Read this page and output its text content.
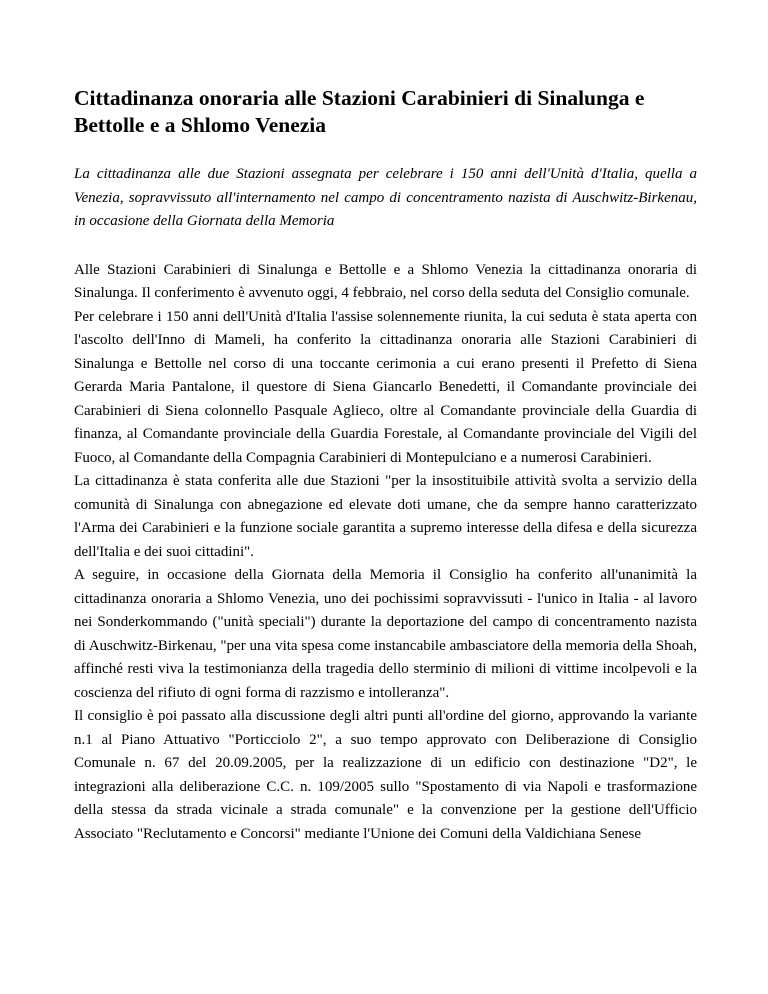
Cittadinanza onoraria alle Stazioni Carabinieri di Sinalunga e Bettolle e a Shlomo Venezia

La cittadinanza alle due Stazioni assegnata per celebrare i 150 anni dell'Unità d'Italia, quella a Venezia, sopravvissuto all'internamento nel campo di concentramento nazista di Auschwitz-Birkenau, in occasione della Giornata della Memoria

Alle Stazioni Carabinieri di Sinalunga e Bettolle e a Shlomo Venezia la cittadinanza onoraria di Sinalunga. Il conferimento è avvenuto oggi, 4 febbraio, nel corso della seduta del Consiglio comunale.

Per celebrare i 150 anni dell'Unità d'Italia l'assise solennemente riunita, la cui seduta è stata aperta con l'ascolto dell'Inno di Mameli, ha conferito la cittadinanza onoraria alle Stazioni Carabinieri di Sinalunga e Bettolle nel corso di una toccante cerimonia a cui erano presenti il Prefetto di Siena Gerarda Maria Pantalone, il questore di Siena Giancarlo Benedetti, il Comandante provinciale dei Carabinieri di Siena colonnello Pasquale Aglieco, oltre al Comandante provinciale della Guardia di finanza, al Comandante provinciale della Guardia Forestale, al Comandante provinciale del Vigili del Fuoco, al Comandante della Compagnia Carabinieri di Montepulciano e a numerosi Carabinieri.

La cittadinanza è stata conferita alle due Stazioni "per la insostituibile attività svolta a servizio della comunità di Sinalunga con abnegazione ed elevate doti umane, che da sempre hanno caratterizzato l'Arma dei Carabinieri e la funzione sociale garantita a supremo interesse della difesa e della sicurezza dell'Italia e dei suoi cittadini".

A seguire, in occasione della Giornata della Memoria il Consiglio ha conferito all'unanimità la cittadinanza onoraria a Shlomo Venezia, uno dei pochissimi sopravvissuti - l'unico in Italia - al lavoro nei Sonderkommando ("unità speciali") durante la deportazione del campo di concentramento nazista di Auschwitz-Birkenau, "per una vita spesa come instancabile ambasciatore della memoria della Shoah, affinché resti viva la testimonianza della tragedia dello sterminio di milioni di vittime incolpevoli e la coscienza del rifiuto di ogni forma di razzismo e intolleranza".

Il consiglio è poi passato alla discussione degli altri punti all'ordine del giorno, approvando la variante n.1 al Piano Attuativo "Porticciolo 2", a suo tempo approvato con Deliberazione di Consiglio Comunale n. 67 del 20.09.2005, per la realizzazione di un edificio con destinazione "D2", le integrazioni alla deliberazione C.C. n. 109/2005 sullo "Spostamento di via Napoli e trasformazione della stessa da strada vicinale a strada comunale" e la convenzione per la gestione dell'Ufficio Associato "Reclutamento e Concorsi" mediante l'Unione dei Comuni della Valdichiana Senese
